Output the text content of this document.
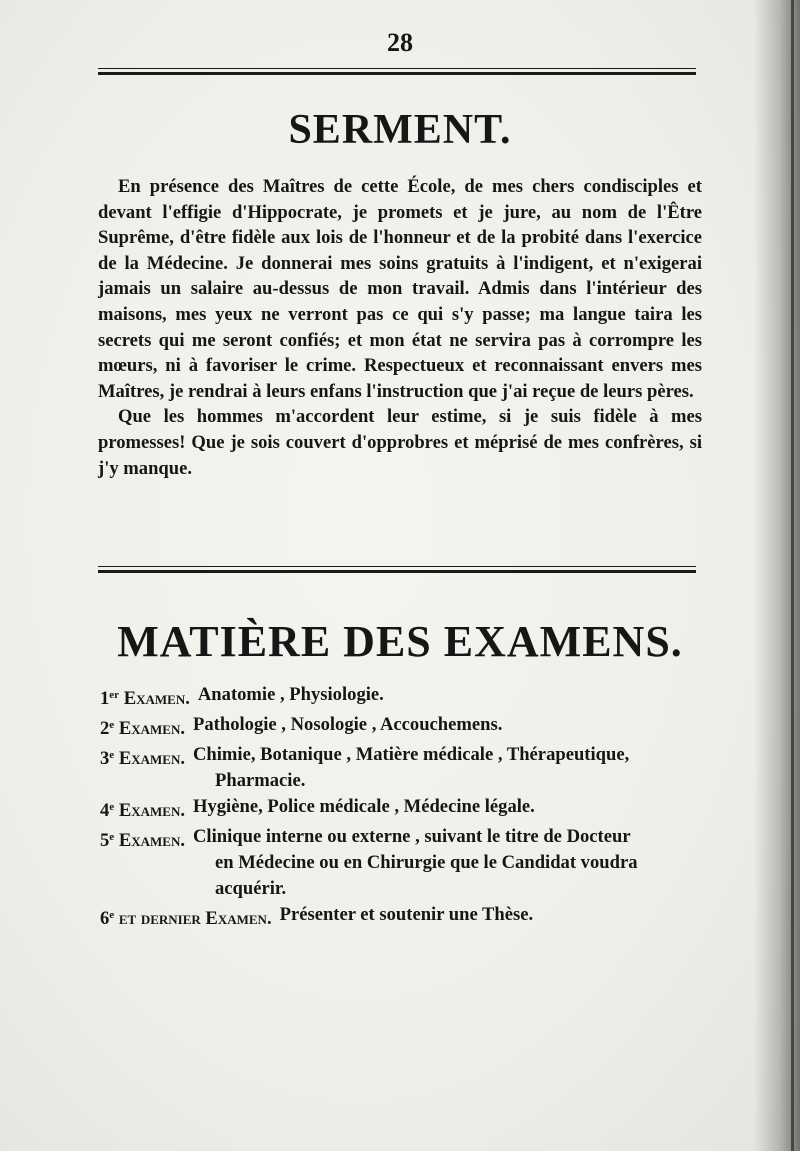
28
SERMENT.

En présence des Maîtres de cette École, de mes chers condisciples et devant l'effigie d'Hippocrate, je promets et je jure, au nom de l'Être Suprême, d'être fidèle aux lois de l'honneur et de la probité dans l'exercice de la Médecine. Je donnerai mes soins gratuits à l'indigent, et n'exigerai jamais un salaire au-dessus de mon travail. Admis dans l'intérieur des maisons, mes yeux ne verront pas ce qui s'y passe; ma langue taira les secrets qui me seront confiés; et mon état ne servira pas à corrompre les mœurs, ni à favoriser le crime. Respectueux et reconnaissant envers mes Maîtres, je rendrai à leurs enfans l'instruction que j'ai reçue de leurs pères.

Que les hommes m'accordent leur estime, si je suis fidèle à mes promesses! Que je sois couvert d'opprobres et méprisé de mes confrères, si j'y manque.

MATIÈRE DES EXAMENS.
1er Examen. Anatomie , Physiologie.
2e Examen. Pathologie , Nosologie , Accouchemens.
3e Examen. Chimie, Botanique , Matière médicale , Thérapeutique,
Pharmacie.
4e Examen. Hygiène, Police médicale , Médecine légale.
5e Examen. Clinique interne ou externe , suivant le titre de Docteur
en Médecine ou en Chirurgie que le Candidat voudra acquérir.
6e et dernier Examen. Présenter et soutenir une Thèse.
